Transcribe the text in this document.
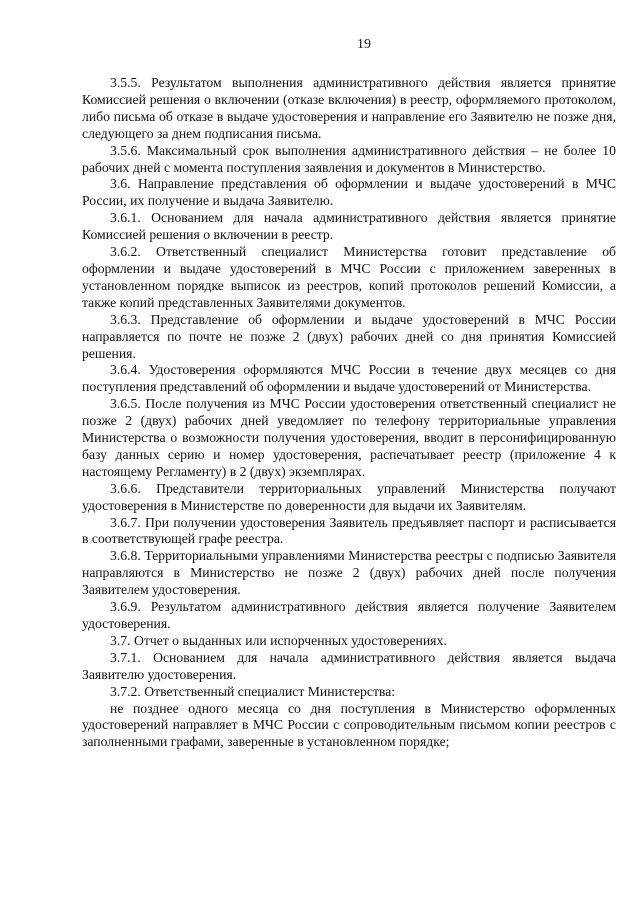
19

3.5.5. Результатом выполнения административного действия является принятие Комиссией решения о включении (отказе включения) в реестр, оформляемого протоколом, либо письма об отказе в выдаче удостоверения и направление его Заявителю не позже дня, следующего за днем подписания письма.

3.5.6. Максимальный срок выполнения административного действия – не более 10 рабочих дней с момента поступления заявления и документов в Министерство.

3.6. Направление представления об оформлении и выдаче удостоверений в МЧС России, их получение и выдача Заявителю.

3.6.1. Основанием для начала административного действия является принятие Комиссией решения о включении в реестр.

3.6.2. Ответственный специалист Министерства готовит представление об оформлении и выдаче удостоверений в МЧС России с приложением заверенных в установленном порядке выписок из реестров, копий протоколов решений Комиссии, а также копий представленных Заявителями документов.

3.6.3. Представление об оформлении и выдаче удостоверений в МЧС России направляется по почте не позже 2 (двух) рабочих дней со дня принятия Комиссией решения.

3.6.4. Удостоверения оформляются МЧС России в течение двух месяцев со дня поступления представлений об оформлении и выдаче удостоверений от Министерства.

3.6.5. После получения из МЧС России удостоверения ответственный специалист не позже 2 (двух) рабочих дней уведомляет по телефону территориальные управления Министерства о возможности получения удостоверения, вводит в персонифицированную базу данных серию и номер удостоверения, распечатывает реестр (приложение 4 к настоящему Регламенту) в 2 (двух) экземплярах.

3.6.6. Представители территориальных управлений Министерства получают удостоверения в Министерстве по доверенности для выдачи их Заявителям.

3.6.7. При получении удостоверения Заявитель предъявляет паспорт и расписывается в соответствующей графе реестра.

3.6.8. Территориальными управлениями Министерства реестры с подписью Заявителя направляются в Министерство не позже 2 (двух) рабочих дней после получения Заявителем удостоверения.

3.6.9. Результатом административного действия является получение Заявителем удостоверения.

3.7. Отчет о выданных или испорченных удостоверениях.

3.7.1. Основанием для начала административного действия является выдача Заявителю удостоверения.

3.7.2. Ответственный специалист Министерства:

не позднее одного месяца со дня поступления в Министерство оформленных удостоверений направляет в МЧС России с сопроводительным письмом копии реестров с заполненными графами, заверенные в установленном порядке;
